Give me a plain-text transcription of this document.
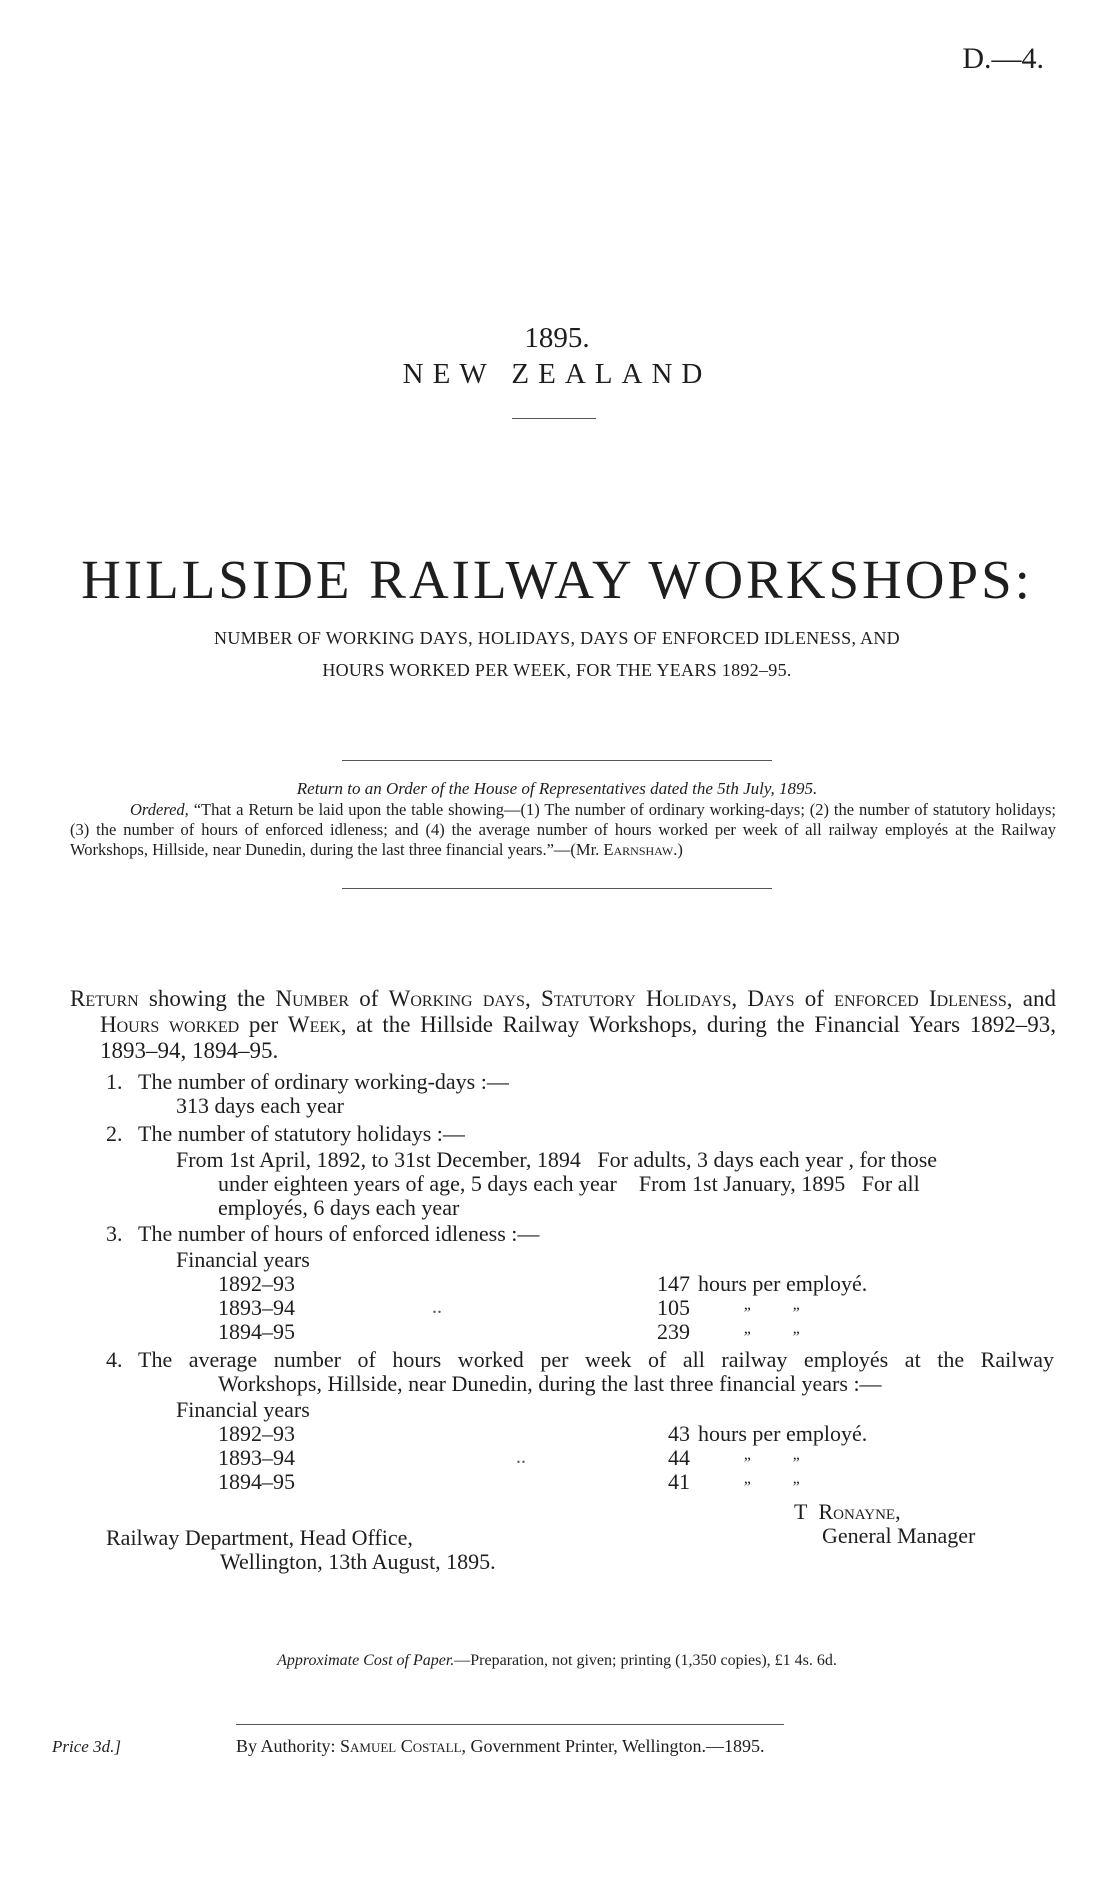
D.—4.
1895.
NEW ZEALAND
HILLSIDE RAILWAY WORKSHOPS:
NUMBER OF WORKING DAYS, HOLIDAYS, DAYS OF ENFORCED IDLENESS, AND
HOURS WORKED PER WEEK, FOR THE YEARS 1892–95.
Return to an Order of the House of Representatives dated the 5th July, 1895.
Ordered, “That a Return be laid upon the table showing—(1) The number of ordinary working-days; (2) the number of statutory holidays; (3) the number of hours of enforced idleness; and (4) the average number of hours worked per week of all railway employés at the Railway Workshops, Hillside, near Dunedin, during the last three financial years.”—(Mr. Earnshaw.)
Return showing the Number of Working days, Statutory Holidays, Days of enforced Idleness, and Hours worked per Week, at the Hillside Railway Workshops, during the Financial Years 1892–93, 1893–94, 1894–95.
1. The number of ordinary working-days :—
313 days each year
2. The number of statutory holidays :—
From 1st April, 1892, to 31st December, 1894   For adults, 3 days each year , for those
under eighteen years of age, 5 days each year    From 1st January, 1895   For all
employés, 6 days each year
3. The number of hours of enforced idleness :—
Financial years
1892–93	147 hours per employé.
1893–94	..	105	”          ”
1894–95	239	”          ”
4. The average number of hours worked per week of all railway employés at the Railway
Workshops, Hillside, near Dunedin, during the last three financial years :—
Financial years
1892–93	43 hours per employé.
1893–94	..	44	”          ”
1894–95	41	”          ”
T Ronayne,
General Manager
Railway Department, Head Office,
Wellington, 13th August, 1895.
Approximate Cost of Paper.—Preparation, not given; printing (1,350 copies), £1 4s. 6d.
Price 3d.]	By Authority: Samuel Costall, Government Printer, Wellington.—1895.
